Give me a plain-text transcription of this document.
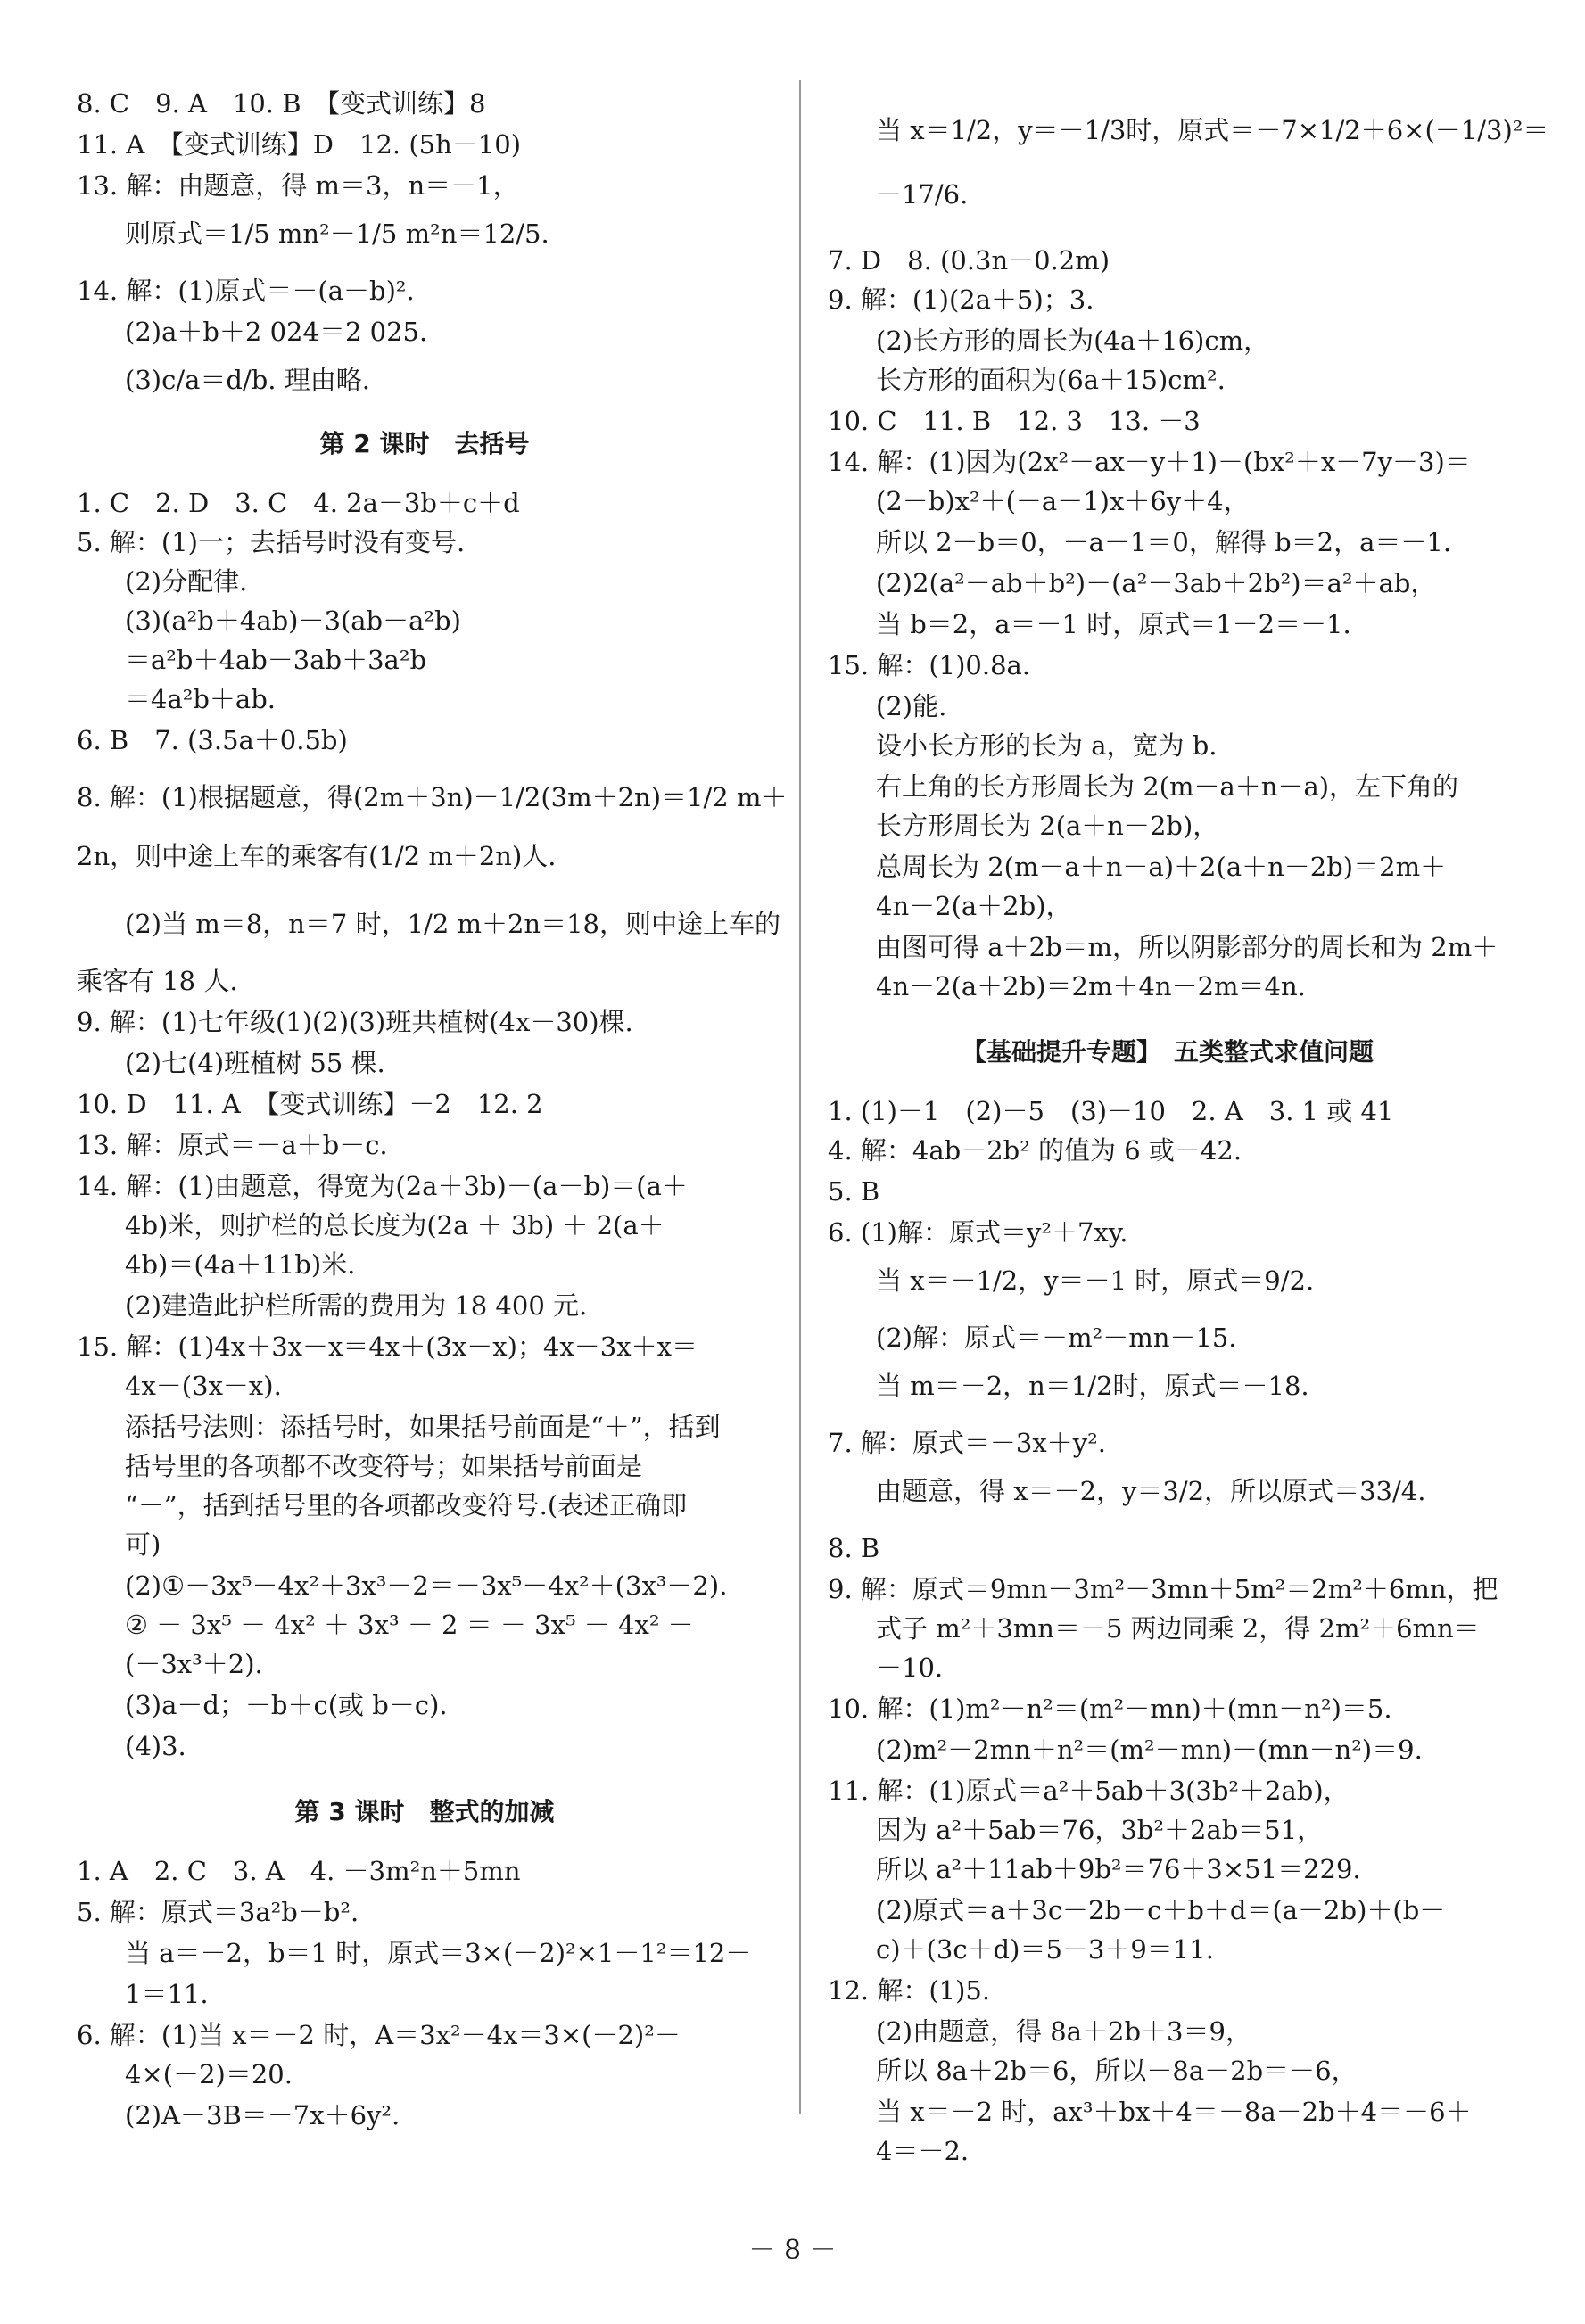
8. C　9. A　10. B　【变式训练】8
11. A　【变式训练】D　12. (5h－10)
13. 解：由题意，得 m＝3，n＝－1，
则原式＝1/5 mn²－1/5 m²n＝12/5.
14. 解：(1)原式＝－(a－b)².
(2)a＋b＋2 024＝2 025.
(3)c/a＝d/b. 理由略.
第 2 课时　去括号
1. C　2. D　3. C　4. 2a－3b＋c＋d
5. 解：(1)一；去括号时没有变号.
(2)分配律.
(3)(a²b＋4ab)－3(ab－a²b)
＝a²b＋4ab－3ab＋3a²b
＝4a²b＋ab.
6. B　7. (3.5a＋0.5b)
8. 解：(1)根据题意，得(2m＋3n)－1/2(3m＋2n)＝1/2 m＋
2n，则中途上车的乘客有(1/2 m＋2n)人.
(2)当 m＝8，n＝7 时，1/2 m＋2n＝18，则中途上车的
乘客有 18 人.
9. 解：(1)七年级(1)(2)(3)班共植树(4x－30)棵.
(2)七(4)班植树 55 棵.
10. D　11. A　【变式训练】－2　12. 2
13. 解：原式＝－a＋b－c.
14. 解：(1)由题意，得宽为(2a＋3b)－(a－b)＝(a＋
4b)米，则护栏的总长度为(2a ＋ 3b) ＋ 2(a＋
4b)＝(4a＋11b)米.
(2)建造此护栏所需的费用为 18 400 元.
15. 解：(1)4x＋3x－x＝4x＋(3x－x)；4x－3x＋x＝
4x－(3x－x).
添括号法则：添括号时，如果括号前面是“＋”，括到
括号里的各项都不改变符号；如果括号前面是
“－”，括到括号里的各项都改变符号.(表述正确即
可)
(2)①－3x⁵－4x²＋3x³－2＝－3x⁵－4x²＋(3x³－2).
② － 3x⁵ － 4x² ＋ 3x³ － 2 ＝ － 3x⁵ － 4x² －
(－3x³＋2).
(3)a－d；－b＋c(或 b－c).
(4)3.
第 3 课时　整式的加减
1. A　2. C　3. A　4. －3m²n＋5mn
5. 解：原式＝3a²b－b².
当 a＝－2，b＝1 时，原式＝3×(－2)²×1－1²＝12－
1＝11.
6. 解：(1)当 x＝－2 时，A＝3x²－4x＝3×(－2)²－
4×(－2)＝20.
(2)A－3B＝－7x＋6y².
当 x＝1/2，y＝－1/3时，原式＝－7×1/2＋6×(－1/3)²＝
－17/6.
7. D　8. (0.3n－0.2m)
9. 解：(1)(2a＋5)；3.
(2)长方形的周长为(4a＋16)cm，
长方形的面积为(6a＋15)cm².
10. C　11. B　12. 3　13. －3
14. 解：(1)因为(2x²－ax－y＋1)－(bx²＋x－7y－3)＝
(2－b)x²＋(－a－1)x＋6y＋4，
所以 2－b＝0，－a－1＝0，解得 b＝2，a＝－1.
(2)2(a²－ab＋b²)－(a²－3ab＋2b²)＝a²＋ab，
当 b＝2，a＝－1 时，原式＝1－2＝－1.
15. 解：(1)0.8a.
(2)能.
设小长方形的长为 a，宽为 b.
右上角的长方形周长为 2(m－a＋n－a)，左下角的
长方形周长为 2(a＋n－2b)，
总周长为 2(m－a＋n－a)＋2(a＋n－2b)＝2m＋
4n－2(a＋2b)，
由图可得 a＋2b＝m，所以阴影部分的周长和为 2m＋
4n－2(a＋2b)＝2m＋4n－2m＝4n.
【基础提升专题】　五类整式求值问题
1. (1)－1　(2)－5　(3)－10　2. A　3. 1 或 41
4. 解：4ab－2b² 的值为 6 或－42.
5. B
6. (1)解：原式＝y²＋7xy.
当 x＝－1/2，y＝－1 时，原式＝9/2.
(2)解：原式＝－m²－mn－15.
当 m＝－2，n＝1/2时，原式＝－18.
7. 解：原式＝－3x＋y².
由题意，得 x＝－2，y＝3/2，所以原式＝33/4.
8. B
9. 解：原式＝9mn－3m²－3mn＋5m²＝2m²＋6mn，把
式子 m²＋3mn＝－5 两边同乘 2，得 2m²＋6mn＝
－10.
10. 解：(1)m²－n²＝(m²－mn)＋(mn－n²)＝5.
(2)m²－2mn＋n²＝(m²－mn)－(mn－n²)＝9.
11. 解：(1)原式＝a²＋5ab＋3(3b²＋2ab)，
因为 a²＋5ab＝76，3b²＋2ab＝51，
所以 a²＋11ab＋9b²＝76＋3×51＝229.
(2)原式＝a＋3c－2b－c＋b＋d＝(a－2b)＋(b－
c)＋(3c＋d)＝5－3＋9＝11.
12. 解：(1)5.
(2)由题意，得 8a＋2b＋3＝9，
所以 8a＋2b＝6，所以－8a－2b＝－6，
当 x＝－2 时，ax³＋bx＋4＝－8a－2b＋4＝－6＋
4＝－2.
－ 8 －
